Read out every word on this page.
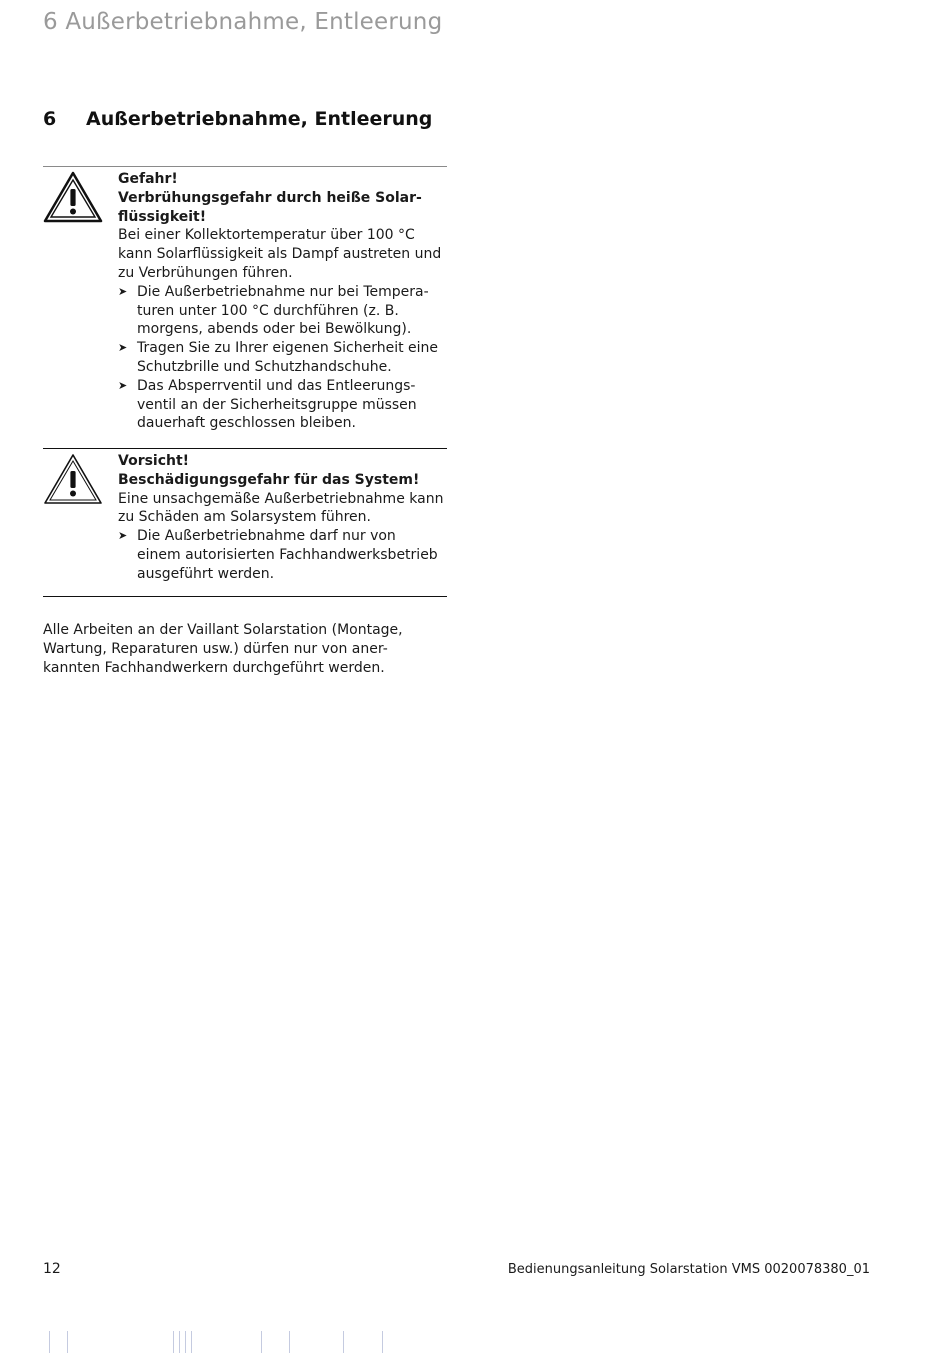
6 Außerbetriebnahme, Entleerung
6 Außerbetriebnahme, Entleerung
Gefahr!
Verbrühungsgefahr durch heiße Solar-
flüssigkeit!
Bei einer Kollektortemperatur über 100 °C
kann Solarflüssigkeit als Dampf austreten und
zu Verbrühungen führen.
➤ Die Außerbetriebnahme nur bei Tempera-
turen unter 100 °C durchführen (z. B.
morgens, abends oder bei Bewölkung).
➤ Tragen Sie zu Ihrer eigenen Sicherheit eine
Schutzbrille und Schutzhandschuhe.
➤ Das Absperrventil und das Entleerungs-
ventil an der Sicherheitsgruppe müssen
dauerhaft geschlossen bleiben.
Vorsicht!
Beschädigungsgefahr für das System!
Eine unsachgemäße Außerbetriebnahme kann
zu Schäden am Solarsystem führen.
➤ Die Außerbetriebnahme darf nur von
einem autorisierten Fachhandwerksbetrieb
ausgeführt werden.
Alle Arbeiten an der Vaillant Solarstation (Montage,
Wartung, Reparaturen usw.) dürfen nur von aner-
kannten Fachhandwerkern durchgeführt werden.
12	Bedienungsanleitung Solarstation VMS 0020078380_01
